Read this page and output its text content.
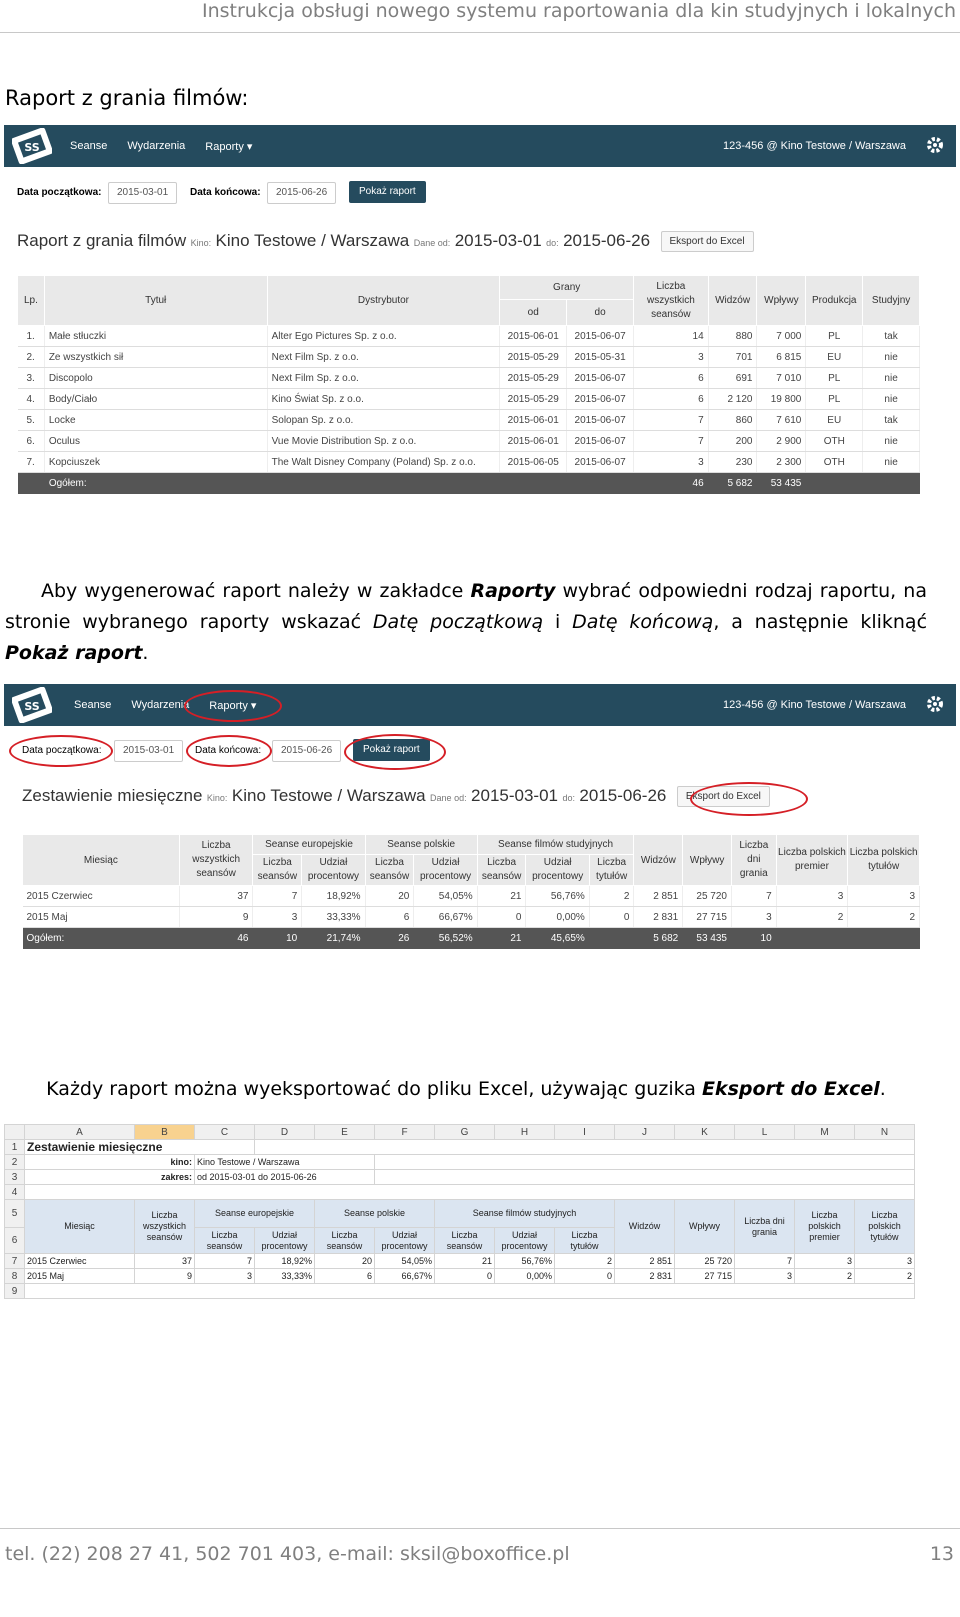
Instrukcja obsługi nowego systemu raportowania dla kin studyjnych i lokalnych
Raport z grania filmów:
SS	Seanse Wydarzenia Raporty ▾	123-456 @ Kino Testowe / Warszawa
Data początkowa:	2015-03-01	Data końcowa:	2015-06-26	Pokaż raport
Raport z grania filmów Kino: Kino Testowe / Warszawa Dane od: 2015-03-01 do: 2015-06-26 Eksport do Excel
Lp.	Tytuł	Dystrybutor	Grany		Liczba wszystkich seansów	Widzów	Wpływy	Produkcja	Studyjny
			od	do					
1.	Małe stłuczki	Alter Ego Pictures Sp. z o.o.	2015-06-01	2015-06-07	14	880	7 000	PL	tak
2.	Ze wszystkich sił	Next Film Sp. z o.o.	2015-05-29	2015-05-31	3	701	6 815	EU	nie
3.	Discopolo	Next Film Sp. z o.o.	2015-05-29	2015-06-07	6	691	7 010	PL	nie
4.	Body/Ciało	Kino Świat Sp. z o.o.	2015-05-29	2015-06-07	6	2 120	19 800	PL	nie
5.	Locke	Solopan Sp. z o.o.	2015-06-01	2015-06-07	7	860	7 610	EU	tak
6.	Oculus	Vue Movie Distribution Sp. z o.o.	2015-06-01	2015-06-07	7	200	2 900	OTH	nie
7.	Kopciuszek	The Walt Disney Company (Poland) Sp. z o.o.	2015-06-05	2015-06-07	3	230	2 300	OTH	nie
	Ogółem:				46	5 682	53 435		
Aby wygenerować raport należy w zakładce Raporty wybrać odpowiedni rodzaj raportu, na stronie wybranego raporty wskazać Datę początkową i Datę końcową, a następnie kliknąć Pokaż raport.
SS	Seanse Wydarzenia Raporty ▾	123-456 @ Kino Testowe / Warszawa
Data początkowa:	2015-03-01	Data końcowa:	2015-06-26	Pokaż raport
Zestawienie miesięczne Kino: Kino Testowe / Warszawa Dane od: 2015-03-01 do: 2015-06-26 Eksport do Excel
Miesiąc	Liczba wszystkich seansów	Seanse europejskie		Seanse polskie		Seanse filmów studyjnych			Widzów	Wpływy	Liczba dni grania	Liczba polskich premier	Liczba polskich tytułów
		Liczba seansów	Udział procentowy	Liczba seansów	Udział procentowy	Liczba seansów	Udział procentowy	Liczba tytułów					
2015 Czerwiec	37	7	18,92%	20	54,05%	21	56,76%	2	2 851	25 720	7	3	3
2015 Maj	9	3	33,33%	6	66,67%	0	0,00%	0	2 831	27 715	3	2	2
Ogółem:	46	10	21,74%	26	56,52%	21	45,65%		5 682	53 435	10		
Każdy raport można wyeksportować do pliku Excel, używając guzika Eksport do Excel.
	A	B	C	D	E	F	G	H	I	J	K	L	M	N
1	Zestawienie miesięczne													
2	kino:		Kino Testowe / Warszawa											
3	zakres:		od 2015-03-01 do 2015-06-26											
4														
5	Miesiąc	Liczba wszystkich seansów	Seanse europejskie		Seanse polskie		Seanse filmów studyjnych			Widzów	Wpływy	Liczba dni grania	Liczba polskich premier	Liczba polskich tytułów
6			Liczba seansów	Udział procentowy	Liczba seansów	Udział procentowy	Liczba seansów	Udział procentowy	Liczba tytułów					
7	2015 Czerwiec	37	7	18,92%	20	54,05%	21	56,76%	2	2 851	25 720	7	3	3
8	2015 Maj	9	3	33,33%	6	66,67%	0	0,00%	0	2 831	27 715	3	2	2
9														
tel. (22) 208 27 41, 502 701 403, e-mail: sksil@boxoffice.pl	13
